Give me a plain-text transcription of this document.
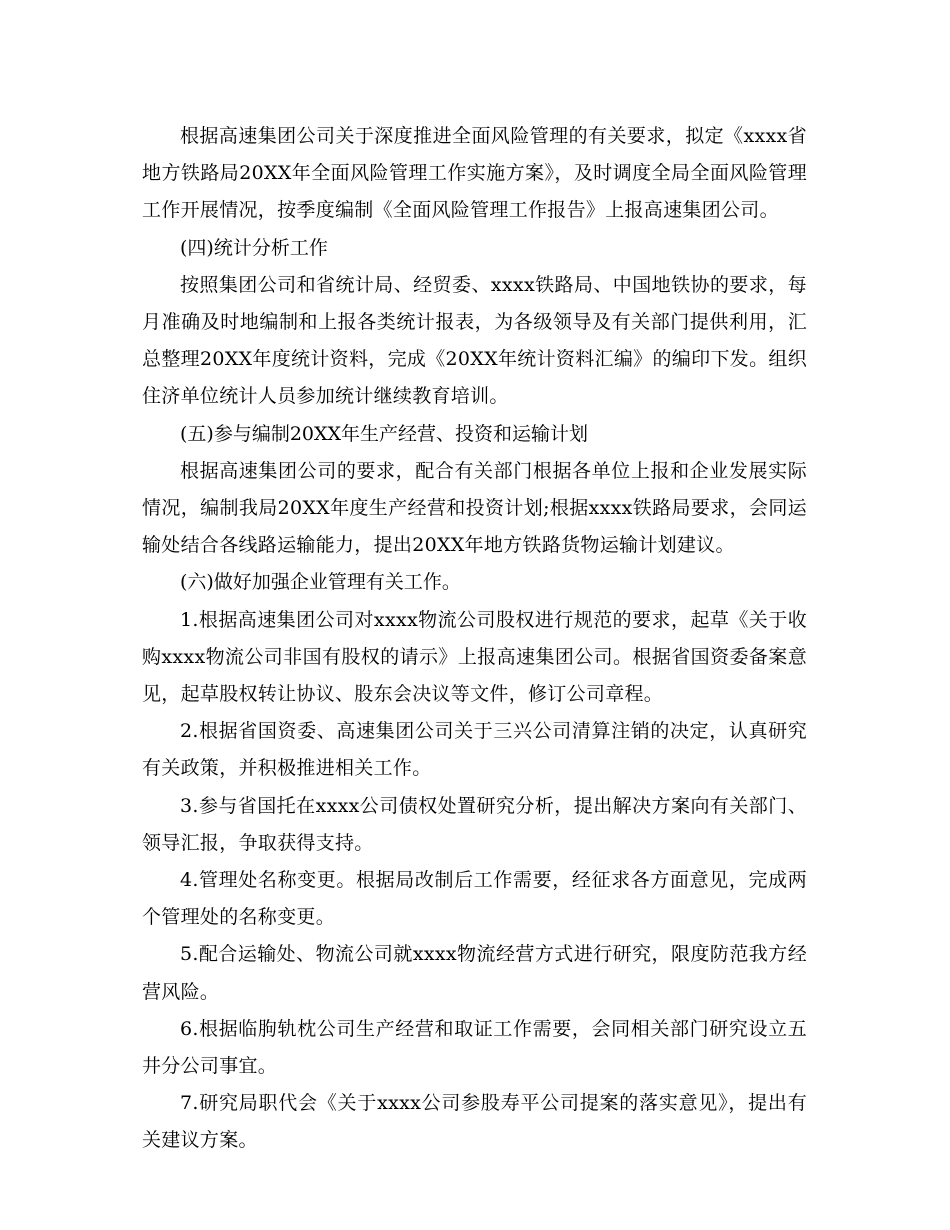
根据高速集团公司关于深度推进全面风险管理的有关要求，拟定《xxxx省地方铁路局20XX年全面风险管理工作实施方案》，及时调度全局全面风险管理工作开展情况，按季度编制《全面风险管理工作报告》上报高速集团公司。

(四)统计分析工作

按照集团公司和省统计局、经贸委、xxxx铁路局、中国地铁协的要求，每月准确及时地编制和上报各类统计报表，为各级领导及有关部门提供利用，汇总整理20XX年度统计资料，完成《20XX年统计资料汇编》的编印下发。组织住济单位统计人员参加统计继续教育培训。

(五)参与编制20XX年生产经营、投资和运输计划

根据高速集团公司的要求，配合有关部门根据各单位上报和企业发展实际情况，编制我局20XX年度生产经营和投资计划;根据xxxx铁路局要求，会同运输处结合各线路运输能力，提出20XX年地方铁路货物运输计划建议。

(六)做好加强企业管理有关工作。

1.根据高速集团公司对xxxx物流公司股权进行规范的要求，起草《关于收购xxxx物流公司非国有股权的请示》上报高速集团公司。根据省国资委备案意见，起草股权转让协议、股东会决议等文件，修订公司章程。

2.根据省国资委、高速集团公司关于三兴公司清算注销的决定，认真研究有关政策，并积极推进相关工作。

3.参与省国托在xxxx公司债权处置研究分析，提出解决方案向有关部门、领导汇报，争取获得支持。

4.管理处名称变更。根据局改制后工作需要，经征求各方面意见，完成两个管理处的名称变更。

5.配合运输处、物流公司就xxxx物流经营方式进行研究，限度防范我方经营风险。

6.根据临朐轨枕公司生产经营和取证工作需要，会同相关部门研究设立五井分公司事宜。

7.研究局职代会《关于xxxx公司参股寿平公司提案的落实意见》，提出有关建议方案。
